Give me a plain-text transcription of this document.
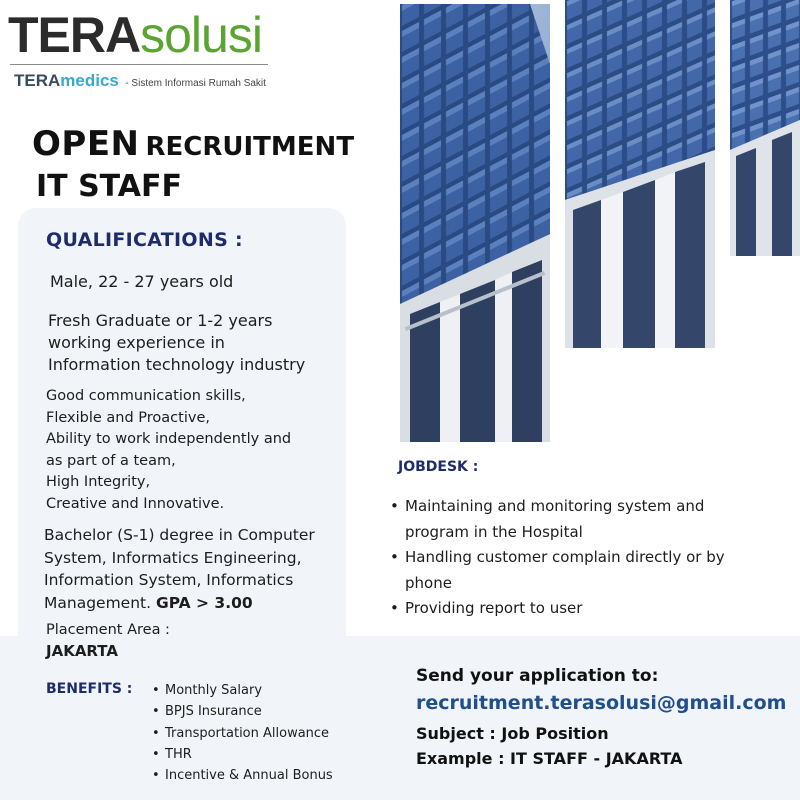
TERAsolusi
TERAmedics - Sistem Informasi Rumah Sakit
OPEN RECRUITMENT
IT STAFF
QUALIFICATIONS :
Male, 22 - 27 years old
Fresh Graduate or 1-2 years
working experience in
Information technology industry
Good communication skills,
Flexible and Proactive,
Ability to work independently and
as part of a team,
High Integrity,
Creative and Innovative.
Bachelor (S-1) degree in Computer
System, Informatics Engineering,
Information System, Informatics
Management. GPA > 3.00
Placement Area :
JAKARTA
BENEFITS :
•	Monthly Salary
• BPJS Insurance
• Transportation Allowance
• THR
• Incentive & Annual Bonus
JOBDESK :
• Maintaining and monitoring system and program in the Hospital
• Handling customer complain directly or by phone
• Providing report to user
Send your application to:
recruitment.terasolusi@gmail.com
Subject : Job Position
Example : IT STAFF - JAKARTA
